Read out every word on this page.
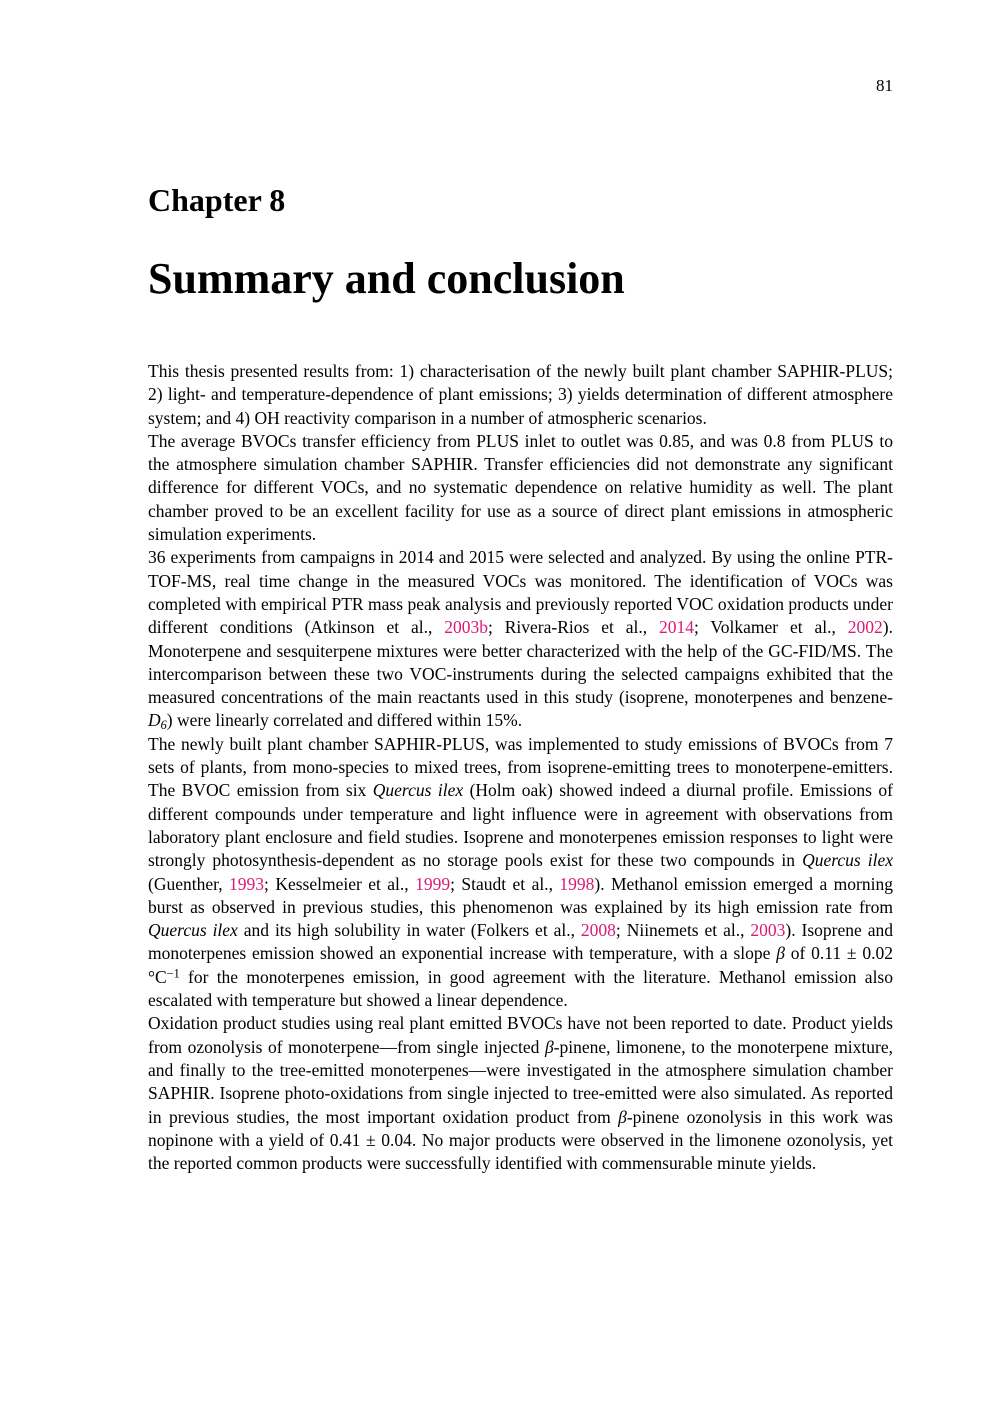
81
Chapter 8
Summary and conclusion

This thesis presented results from: 1) characterisation of the newly built plant chamber SAPHIR-PLUS; 2) light- and temperature-dependence of plant emissions; 3) yields determination of different atmosphere system; and 4) OH reactivity comparison in a number of atmospheric scenarios.

The average BVOCs transfer efficiency from PLUS inlet to outlet was 0.85, and was 0.8 from PLUS to the atmosphere simulation chamber SAPHIR. Transfer efficiencies did not demonstrate any significant difference for different VOCs, and no systematic dependence on relative humidity as well. The plant chamber proved to be an excellent facility for use as a source of direct plant emissions in atmospheric simulation experiments.

36 experiments from campaigns in 2014 and 2015 were selected and analyzed. By using the online PTR-TOF-MS, real time change in the measured VOCs was monitored. The identification of VOCs was completed with empirical PTR mass peak analysis and previously reported VOC oxidation products under different conditions (Atkinson et al., 2003b; Rivera-Rios et al., 2014; Volkamer et al., 2002). Monoterpene and sesquiterpene mixtures were better characterized with the help of the GC-FID/MS. The intercomparison between these two VOC-instruments during the selected campaigns exhibited that the measured concentrations of the main reactants used in this study (isoprene, monoterpenes and benzene-$D_6$) were linearly correlated and differed within 15%.

The newly built plant chamber SAPHIR-PLUS, was implemented to study emissions of BVOCs from 7 sets of plants, from mono-species to mixed trees, from isoprene-emitting trees to monoterpene-emitters. The BVOC emission from six Quercus ilex (Holm oak) showed indeed a diurnal profile. Emissions of different compounds under temperature and light influence were in agreement with observations from laboratory plant enclosure and field studies. Isoprene and monoterpenes emission responses to light were strongly photosynthesis-dependent as no storage pools exist for these two compounds in Quercus ilex (Guenther, 1993; Kesselmeier et al., 1999; Staudt et al., 1998). Methanol emission emerged a morning burst as observed in previous studies, this phenomenon was explained by its high emission rate from Quercus ilex and its high solubility in water (Folkers et al., 2008; Niinemets et al., 2003). Isoprene and monoterpenes emission showed an exponential increase with temperature, with a slope β of 0.11 ± 0.02 $^\circ C^{-1}$ for the monoterpenes emission, in good agreement with the literature. Methanol emission also escalated with temperature but showed a linear dependence.

Oxidation product studies using real plant emitted BVOCs have not been reported to date. Product yields from ozonolysis of monoterpene—from single injected β-pinene, limonene, to the monoterpene mixture, and finally to the tree-emitted monoterpenes—were investigated in the atmosphere simulation chamber SAPHIR. Isoprene photo-oxidations from single injected to tree-emitted were also simulated. As reported in previous studies, the most important oxidation product from β-pinene ozonolysis in this work was nopinone with a yield of 0.41 ± 0.04. No major products were observed in the limonene ozonolysis, yet the reported common products were successfully identified with commensurable minute yields.
